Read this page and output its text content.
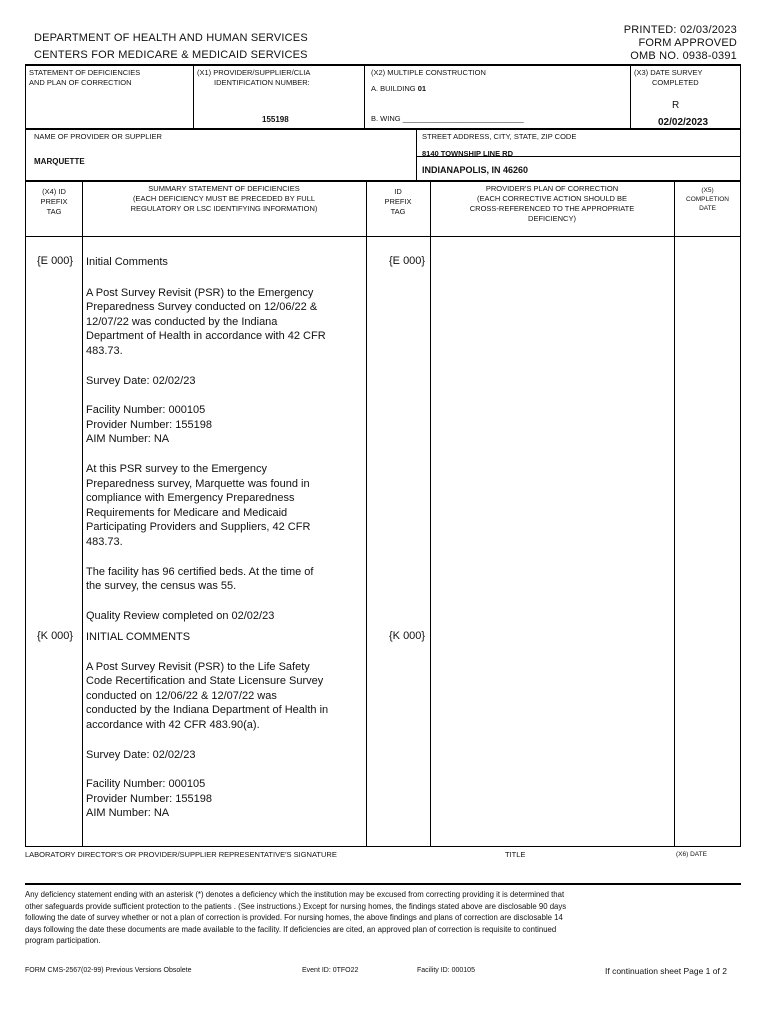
DEPARTMENT OF HEALTH AND HUMAN SERVICES
CENTERS FOR MEDICARE & MEDICAID SERVICES
PRINTED: 02/03/2023
FORM APPROVED
OMB NO. 0938-0391
STATEMENT OF DEFICIENCIES
AND PLAN OF CORRECTION
(X1) PROVIDER/SUPPLIER/CLIA
IDENTIFICATION NUMBER:
155198
(X2) MULTIPLE CONSTRUCTION
A. BUILDING 01
B. WING _____________________________
(X3) DATE SURVEY
COMPLETED
R
02/02/2023
NAME OF PROVIDER OR SUPPLIER
MARQUETTE
STREET ADDRESS, CITY, STATE, ZIP CODE
8140 TOWNSHIP LINE RD
INDIANAPOLIS, IN 46260
(X4) ID
PREFIX
TAG
SUMMARY STATEMENT OF DEFICIENCIES
(EACH DEFICIENCY MUST BE PRECEDED BY FULL
REGULATORY OR LSC IDENTIFYING INFORMATION)
ID
PREFIX
TAG
PROVIDER'S PLAN OF CORRECTION
(EACH CORRECTIVE ACTION SHOULD BE
CROSS-REFERENCED TO THE APPROPRIATE
DEFICIENCY)
(X5)
COMPLETION
DATE
{E 000}	{E 000}

Initial Comments

A Post Survey Revisit (PSR) to the Emergency
Preparedness Survey conducted on 12/06/22 &
12/07/22 was conducted by the Indiana
Department of Health in accordance with 42 CFR
483.73.

Survey Date: 02/02/23

Facility Number: 000105
Provider Number: 155198
AIM Number: NA

At this PSR survey to the Emergency
Preparedness survey, Marquette was found in
compliance with Emergency Preparedness
Requirements for Medicare and Medicaid
Participating Providers and Suppliers, 42 CFR
483.73.

The facility has 96 certified beds. At the time of
the survey, the census was 55.

Quality Review completed on 02/02/23

{K 000}	{K 000}

INITIAL COMMENTS

A Post Survey Revisit (PSR) to the Life Safety
Code Recertification and State Licensure Survey
conducted on 12/06/22 & 12/07/22 was
conducted by the Indiana Department of Health in
accordance with 42 CFR 483.90(a).

Survey Date: 02/02/23

Facility Number: 000105
Provider Number: 155198
AIM Number: NA

LABORATORY DIRECTOR'S OR PROVIDER/SUPPLIER REPRESENTATIVE'S SIGNATURE	TITLE	(X6) DATE
Any deficiency statement ending with an asterisk (*) denotes a deficiency which the institution may be excused from correcting providing it is determined that
other safeguards provide sufficient protection to the patients . (See instructions.) Except for nursing homes, the findings stated above are disclosable 90 days
following the date of survey whether or not a plan of correction is provided. For nursing homes, the above findings and plans of correction are disclosable 14
days following the date these documents are made available to the facility. If deficiencies are cited, an approved plan of correction is requisite to continued
program participation.
FORM CMS-2567(02-99) Previous Versions Obsolete	Event ID: 0TFO22	Facility ID: 000105	If continuation sheet Page 1 of 2
